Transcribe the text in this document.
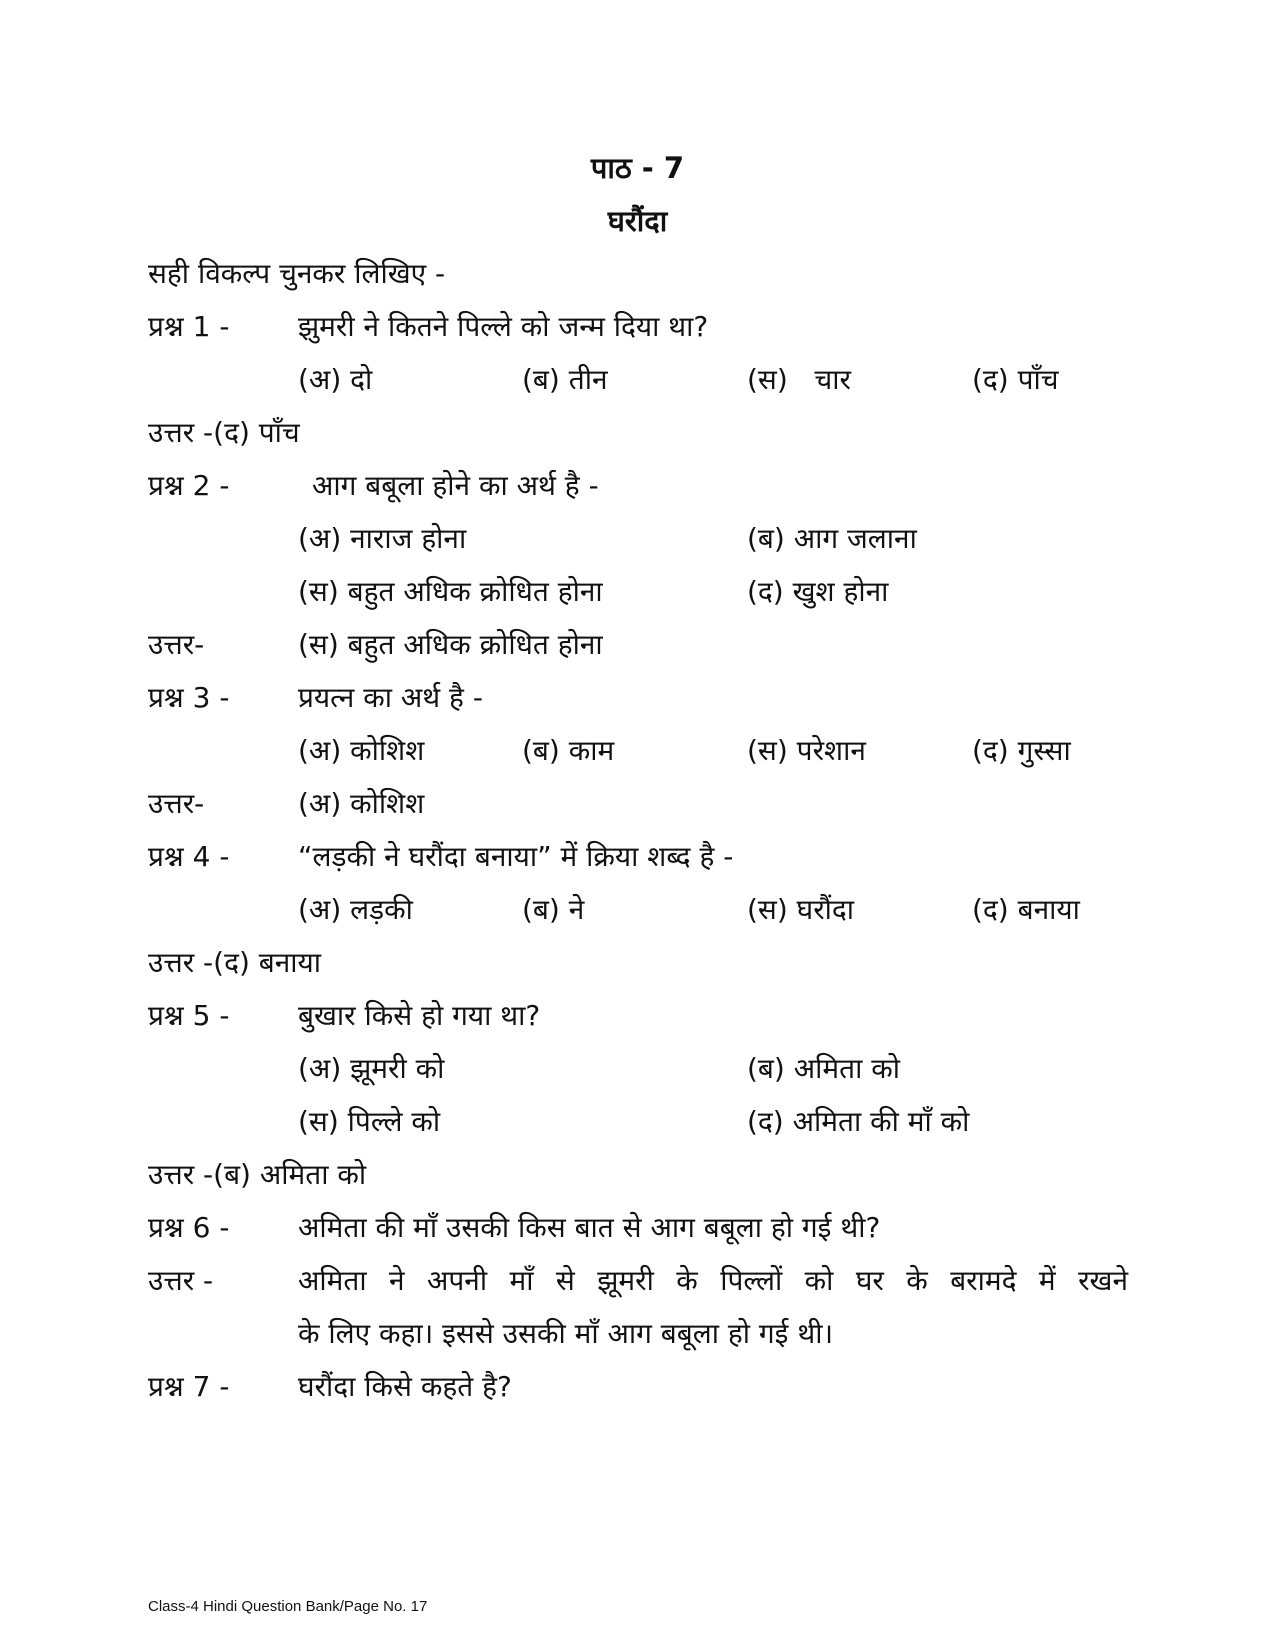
पाठ - 7
घरौंदा
सही विकल्प चुनकर लिखिए -
प्रश्न 1 - झुमरी ने कितने पिल्ले को जन्म दिया था?
(अ) दो	(ब) तीन	(स)   चार	(द) पाँच
उत्तर -(द) पाँच
प्रश्न 2 -	आग बबूला होने का अर्थ है -
(अ) नाराज होना	(ब) आग जलाना
(स) बहुत अधिक क्रोधित होना	(द) खुश होना
उत्तर-	(स) बहुत अधिक क्रोधित होना
प्रश्न 3 - प्रयत्न का अर्थ है -
(अ) कोशिश	(ब) काम	(स) परेशान	(द) गुस्सा
उत्तर-	(अ) कोशिश
प्रश्न 4 - “लड़की ने घरौंदा बनाया” में क्रिया शब्द है -
(अ) लड़की	(ब) ने	(स) घरौंदा	(द) बनाया
उत्तर -(द) बनाया
प्रश्न 5 - बुखार किसे हो गया था?
(अ) झूमरी को	(ब) अमिता को
(स) पिल्ले को	(द) अमिता की माँ को
उत्तर -(ब) अमिता को
प्रश्न 6 - अमिता की माँ उसकी किस बात से आग बबूला हो गई थी?
उत्तर -	अमिता ने अपनी माँ से झूमरी के पिल्लों को घर के बरामदे में रखने
के लिए कहा। इससे उसकी माँ आग बबूला हो गई थी।
प्रश्न 7 - घरौंदा किसे कहते है?
Class-4 Hindi Question Bank/Page No. 17
